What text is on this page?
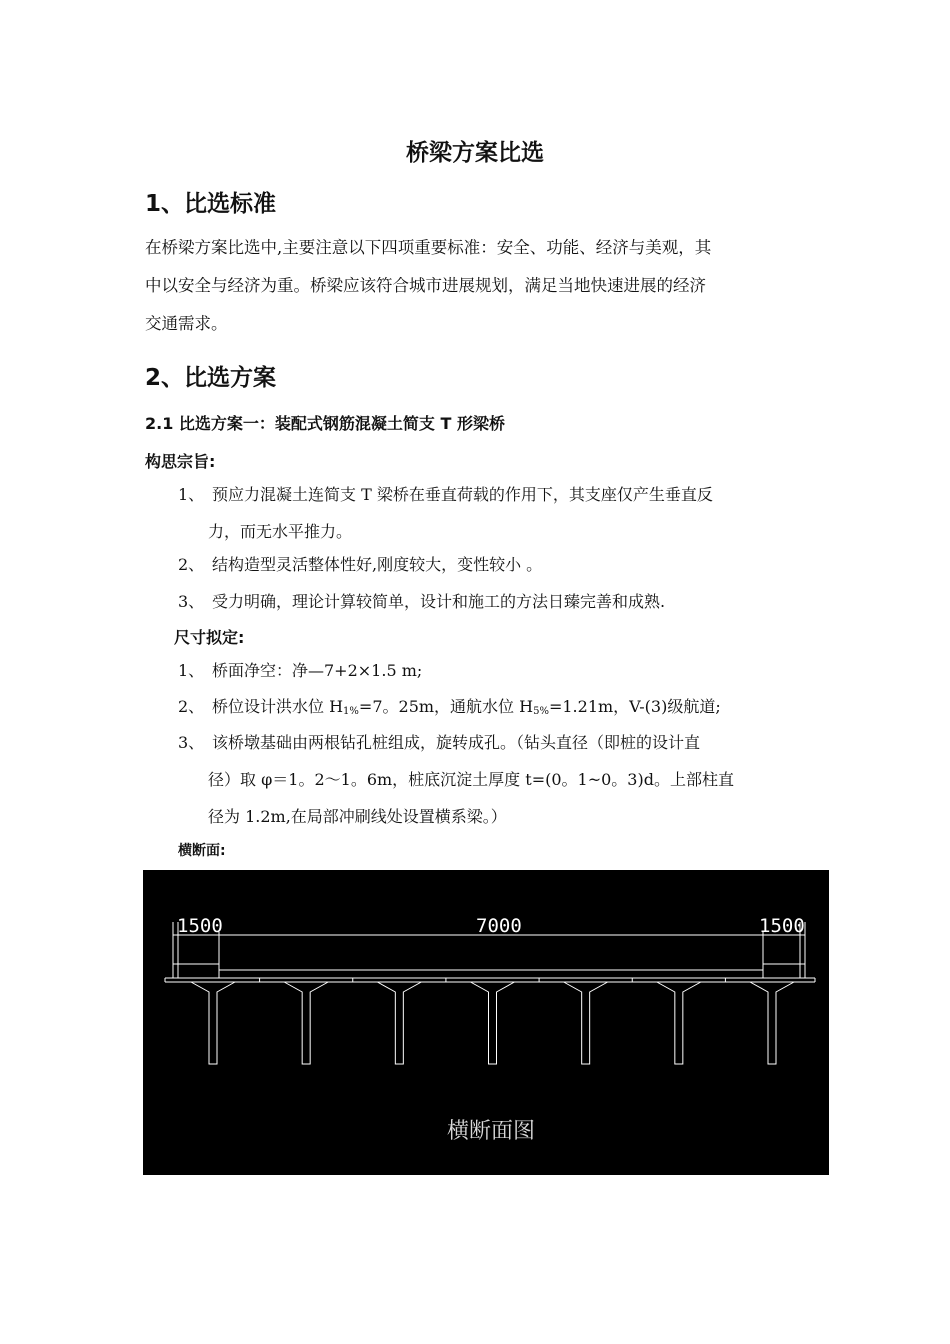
桥梁方案比选
1、比选标准
在桥梁方案比选中,主要注意以下四项重要标准：安全、功能、经济与美观，其
中以安全与经济为重。桥梁应该符合城市进展规划，满足当地快速进展的经济
交通需求。
2、比选方案
2.1 比选方案一：装配式钢筋混凝土简支 T 形梁桥
构思宗旨:
1、 预应力混凝土连简支 T 梁桥在垂直荷载的作用下，其支座仅产生垂直反
力，而无水平推力。
2、 结构造型灵活整体性好,刚度较大，变性较小 。
3、 受力明确，理论计算较简单，设计和施工的方法日臻完善和成熟.
尺寸拟定:
1、 桥面净空：净—7+2×1.5 m;
2、 桥位设计洪水位 $H_{1\%}=7$。25m，通航水位 $H_{5\%}=1.21m$，V-(3)级航道;
3、 该桥墩基础由两根钻孔桩组成，旋转成孔。（钻头直径（即桩的设计直
径）取 φ＝1。2～1。6m，桩底沉淀土厚度 t=(0。1~0。3)d。上部柱直
径为 1.2m,在局部冲刷线处设置横系梁。）
横断面:
1500	7000	1500
横断面图
